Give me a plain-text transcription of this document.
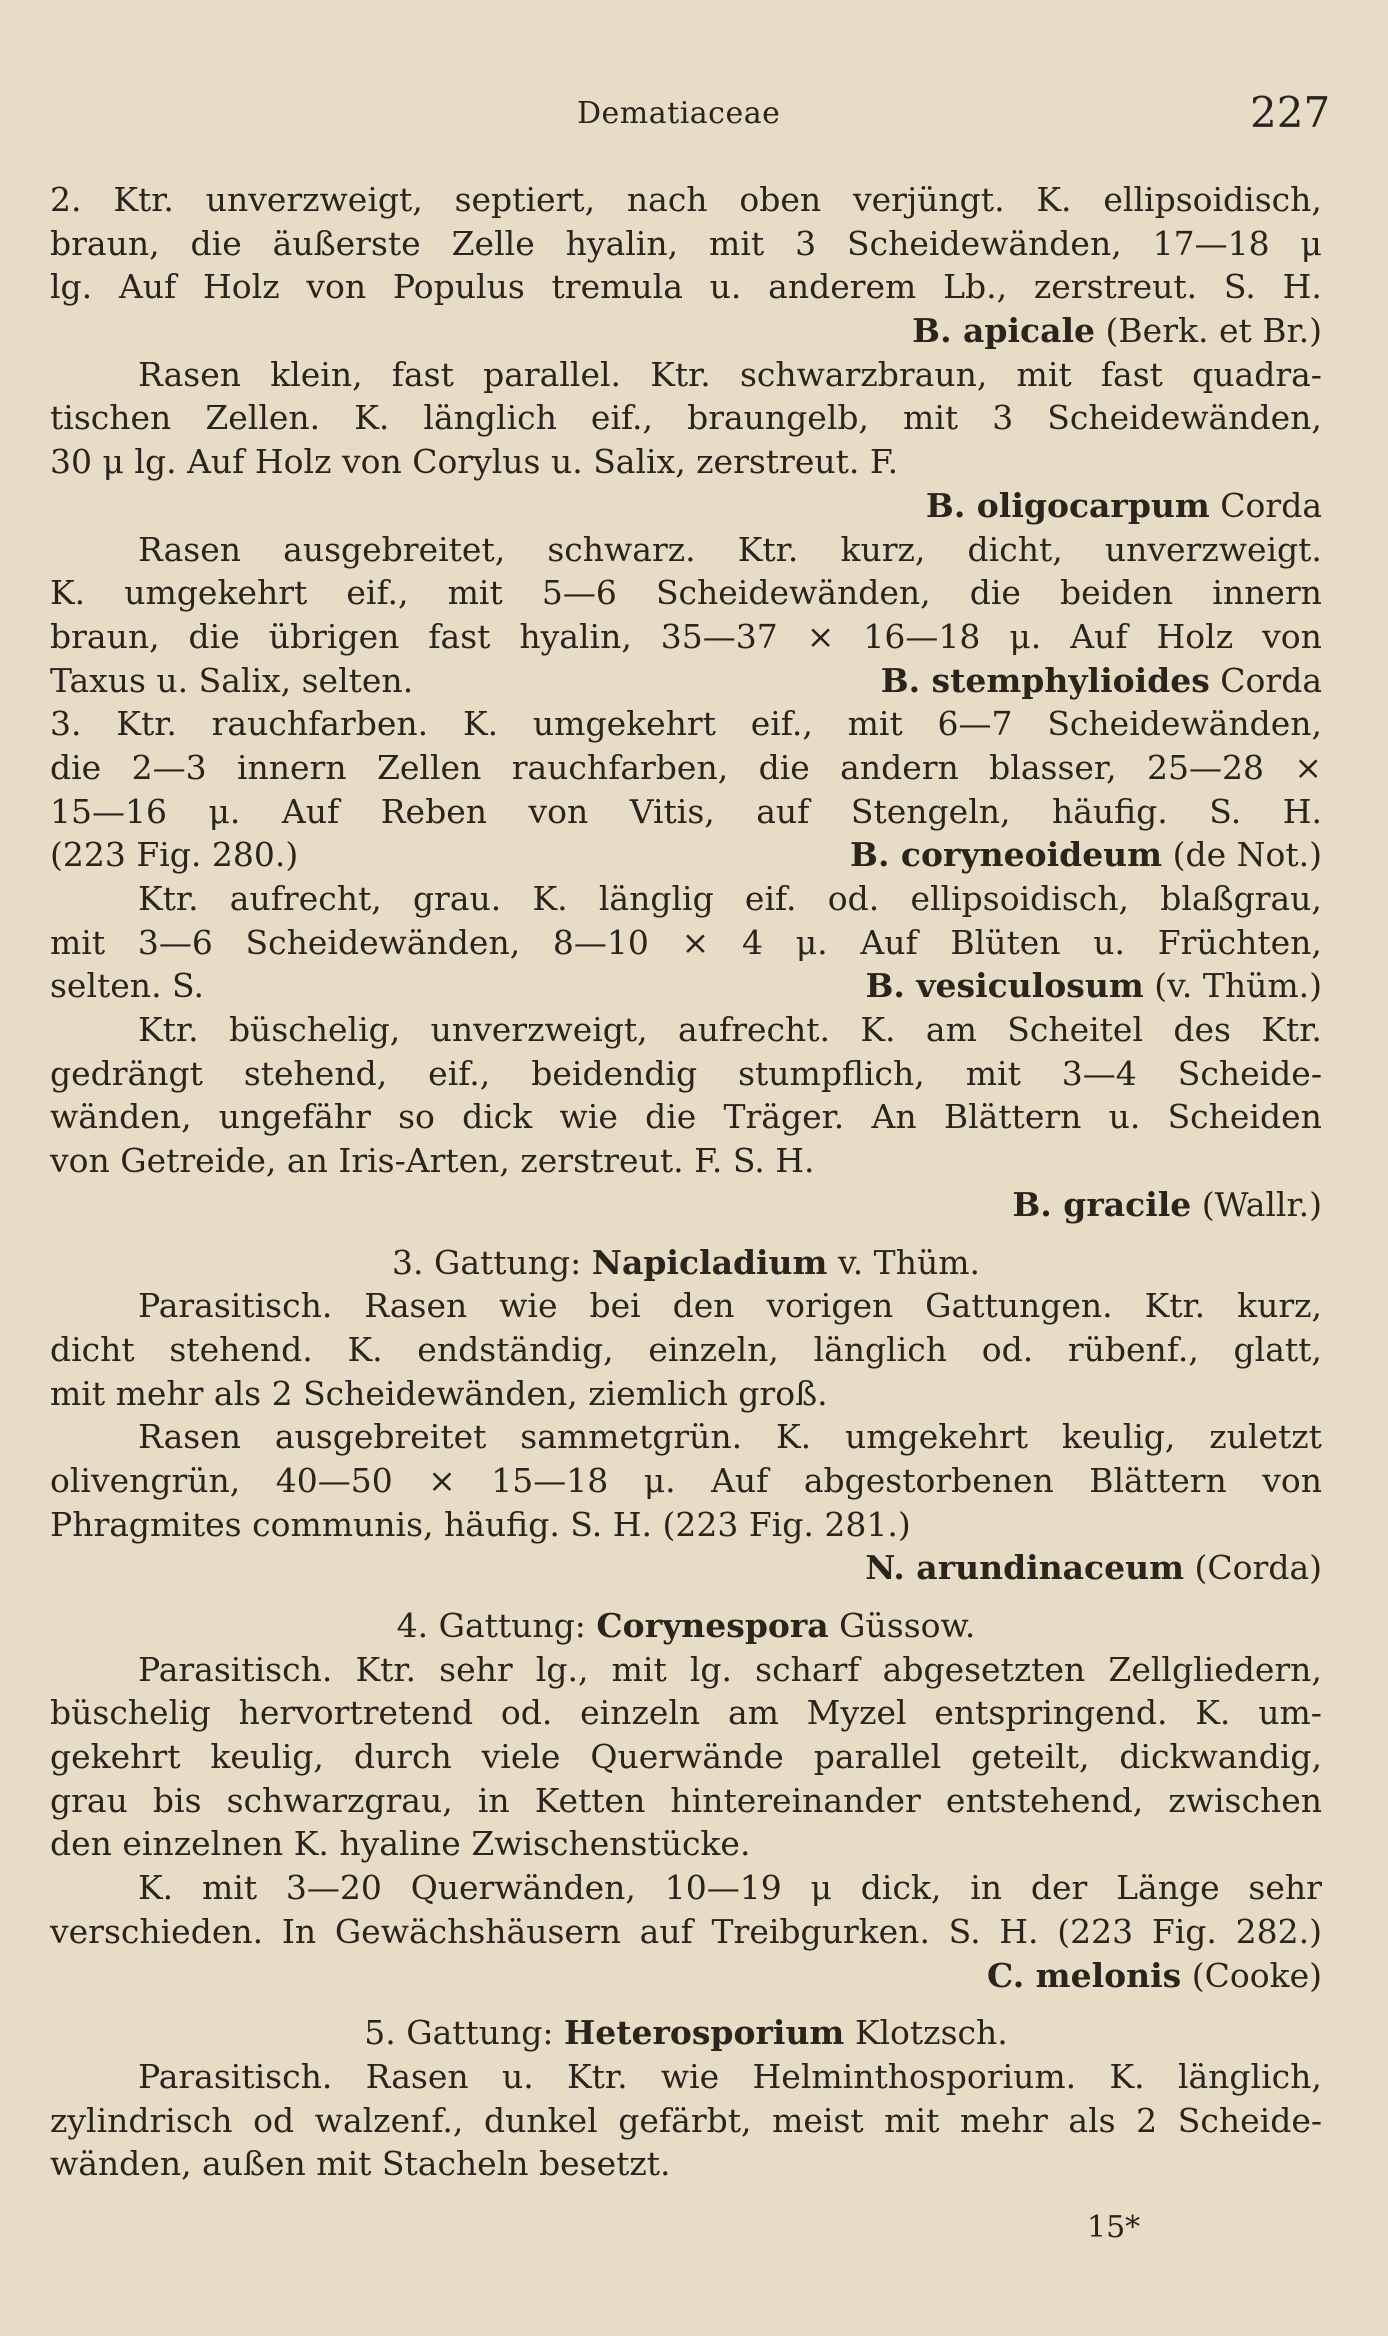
Dematiaceae	227
2. Ktr. unverzweigt, septiert, nach oben verjüngt. K. ellipsoidisch,
braun, die äußerste Zelle hyalin, mit 3 Scheidewänden, 17—18 μ
lg. Auf Holz von Populus tremula u. anderem Lb., zerstreut. S. H.
B. apicale (Berk. et Br.)
Rasen klein, fast parallel. Ktr. schwarzbraun, mit fast quadra-
tischen Zellen. K. länglich eif., braungelb, mit 3 Scheidewänden,
30 μ lg. Auf Holz von Corylus u. Salix, zerstreut. F.
B. oligocarpum Corda
Rasen ausgebreitet, schwarz. Ktr. kurz, dicht, unverzweigt.
K. umgekehrt eif., mit 5—6 Scheidewänden, die beiden innern
braun, die übrigen fast hyalin, 35—37 × 16—18 μ. Auf Holz von
Taxus u. Salix, selten.	B. stemphylioides Corda
3. Ktr. rauchfarben. K. umgekehrt eif., mit 6—7 Scheidewänden,
die 2—3 innern Zellen rauchfarben, die andern blasser, 25—28 ×
15—16 μ. Auf Reben von Vitis, auf Stengeln, häufig. S. H.
(223 Fig. 280.)	B. coryneoideum (de Not.)
Ktr. aufrecht, grau. K. länglig eif. od. ellipsoidisch, blaßgrau,
mit 3—6 Scheidewänden, 8—10 × 4 μ. Auf Blüten u. Früchten,
selten. S.	B. vesiculosum (v. Thüm.)
Ktr. büschelig, unverzweigt, aufrecht. K. am Scheitel des Ktr.
gedrängt stehend, eif., beidendig stumpflich, mit 3—4 Scheide-
wänden, ungefähr so dick wie die Träger. An Blättern u. Scheiden
von Getreide, an Iris-Arten, zerstreut. F. S. H.
B. gracile (Wallr.)
3. Gattung: Napicladium v. Thüm.
Parasitisch. Rasen wie bei den vorigen Gattungen. Ktr. kurz,
dicht stehend. K. endständig, einzeln, länglich od. rübenf., glatt,
mit mehr als 2 Scheidewänden, ziemlich groß.
Rasen ausgebreitet sammetgrün. K. umgekehrt keulig, zuletzt
olivengrün, 40—50 × 15—18 μ. Auf abgestorbenen Blättern von
Phragmites communis, häufig. S. H. (223 Fig. 281.)
N. arundinaceum (Corda)
4. Gattung: Corynespora Güssow.
Parasitisch. Ktr. sehr lg., mit lg. scharf abgesetzten Zellgliedern,
büschelig hervortretend od. einzeln am Myzel entspringend. K. um-
gekehrt keulig, durch viele Querwände parallel geteilt, dickwandig,
grau bis schwarzgrau, in Ketten hintereinander entstehend, zwischen
den einzelnen K. hyaline Zwischenstücke.
K. mit 3—20 Querwänden, 10—19 μ dick, in der Länge sehr
verschieden. In Gewächshäusern auf Treibgurken. S. H. (223 Fig. 282.)
C. melonis (Cooke)
5. Gattung: Heterosporium Klotzsch.
Parasitisch. Rasen u. Ktr. wie Helminthosporium. K. länglich,
zylindrisch od walzenf., dunkel gefärbt, meist mit mehr als 2 Scheide-
wänden, außen mit Stacheln besetzt.
15*
